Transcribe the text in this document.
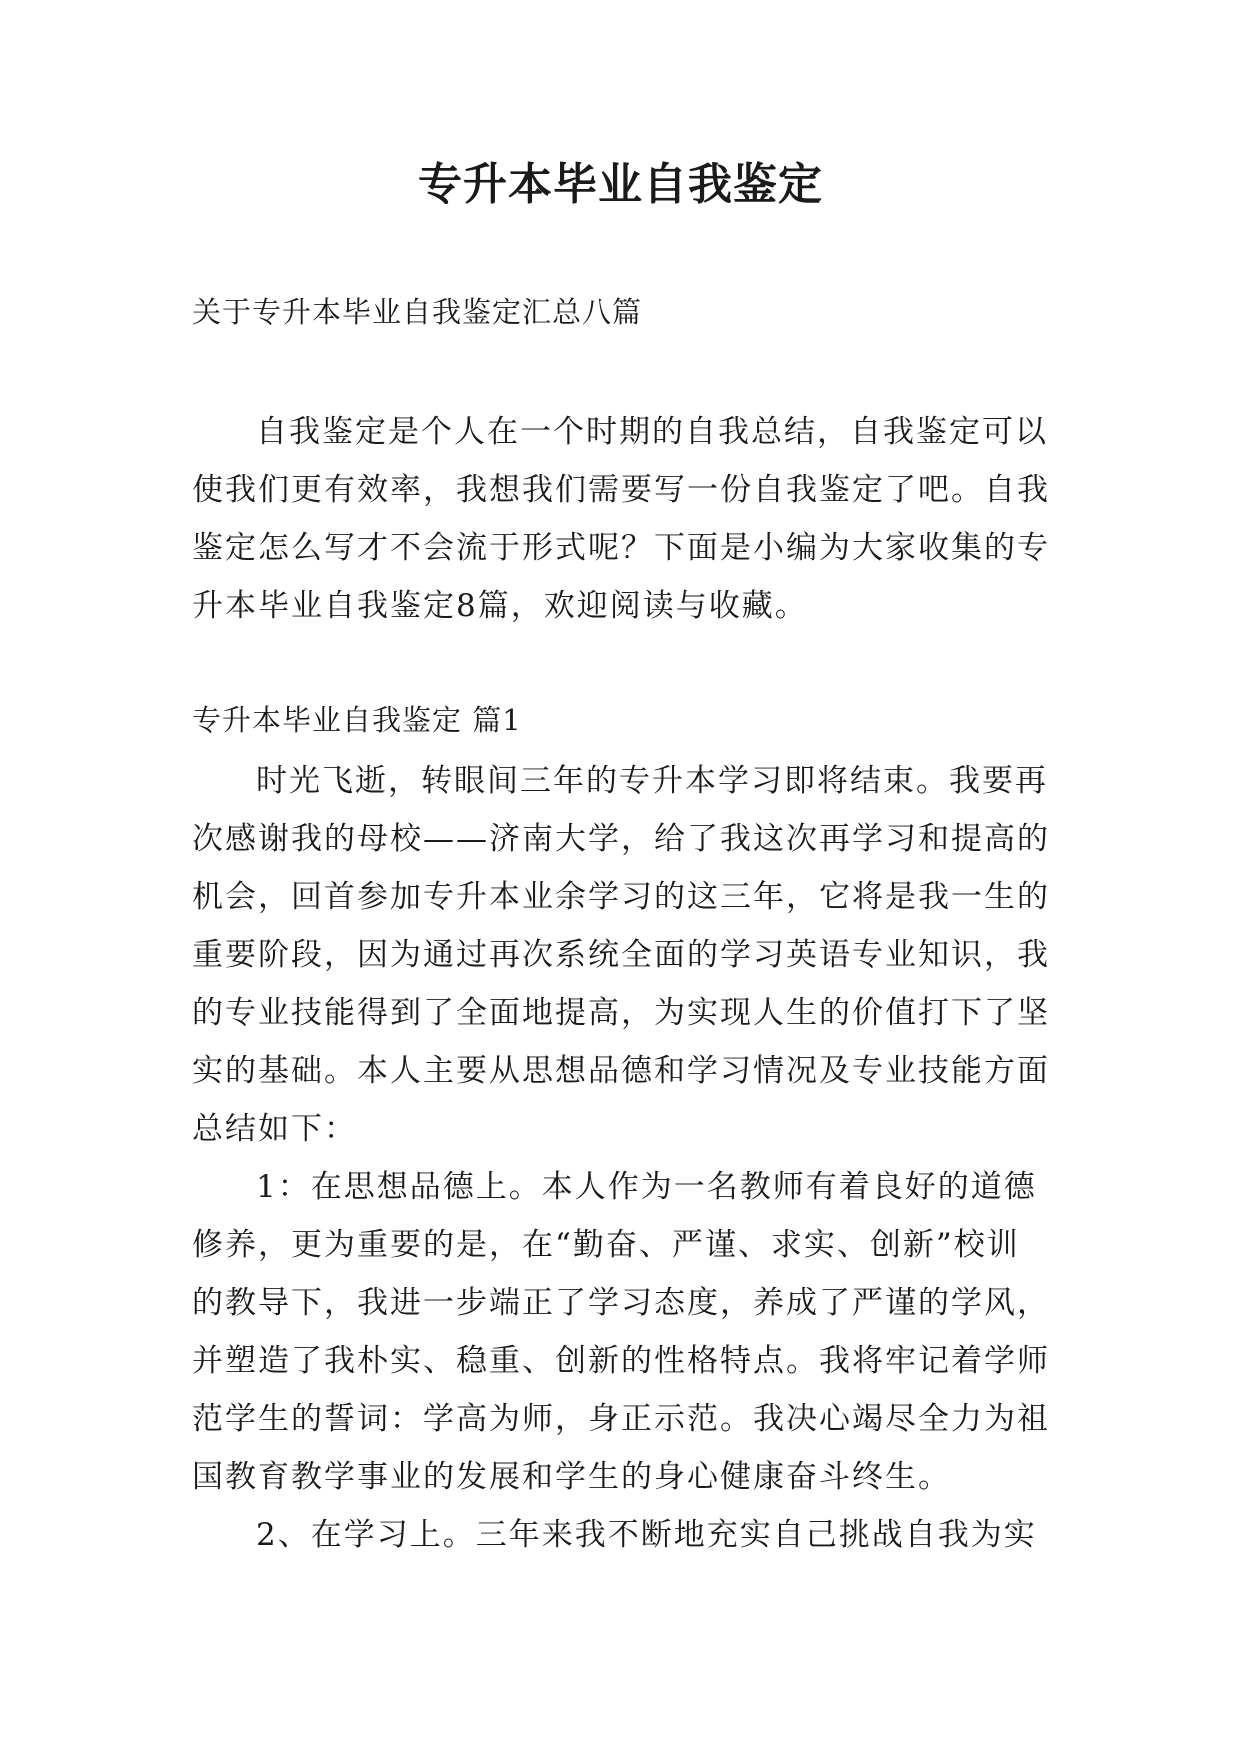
专升本毕业自我鉴定
关于专升本毕业自我鉴定汇总八篇
自我鉴定是个人在一个时期的自我总结，自我鉴定可以使我们更有效率，我想我们需要写一份自我鉴定了吧。自我鉴定怎么写才不会流于形式呢？下面是小编为大家收集的专升本毕业自我鉴定8篇，欢迎阅读与收藏。
专升本毕业自我鉴定 篇1

时光飞逝，转眼间三年的专升本学习即将结束。我要再次感谢我的母校——济南大学，给了我这次再学习和提高的机会，回首参加专升本业余学习的这三年，它将是我一生的重要阶段，因为通过再次系统全面的学习英语专业知识，我的专业技能得到了全面地提高，为实现人生的价值打下了坚实的基础。本人主要从思想品德和学习情况及专业技能方面总结如下：

1：在思想品德上。本人作为一名教师有着良好的道德修养，更为重要的是，在“勤奋、严谨、求实、创新”校训的教导下，我进一步端正了学习态度，养成了严谨的学风，并塑造了我朴实、稳重、创新的性格特点。我将牢记着学师范学生的誓词：学高为师，身正示范。我决心竭尽全力为祖国教育教学事业的发展和学生的身心健康奋斗终生。

2、在学习上。三年来我不断地充实自己挑战自我为实
